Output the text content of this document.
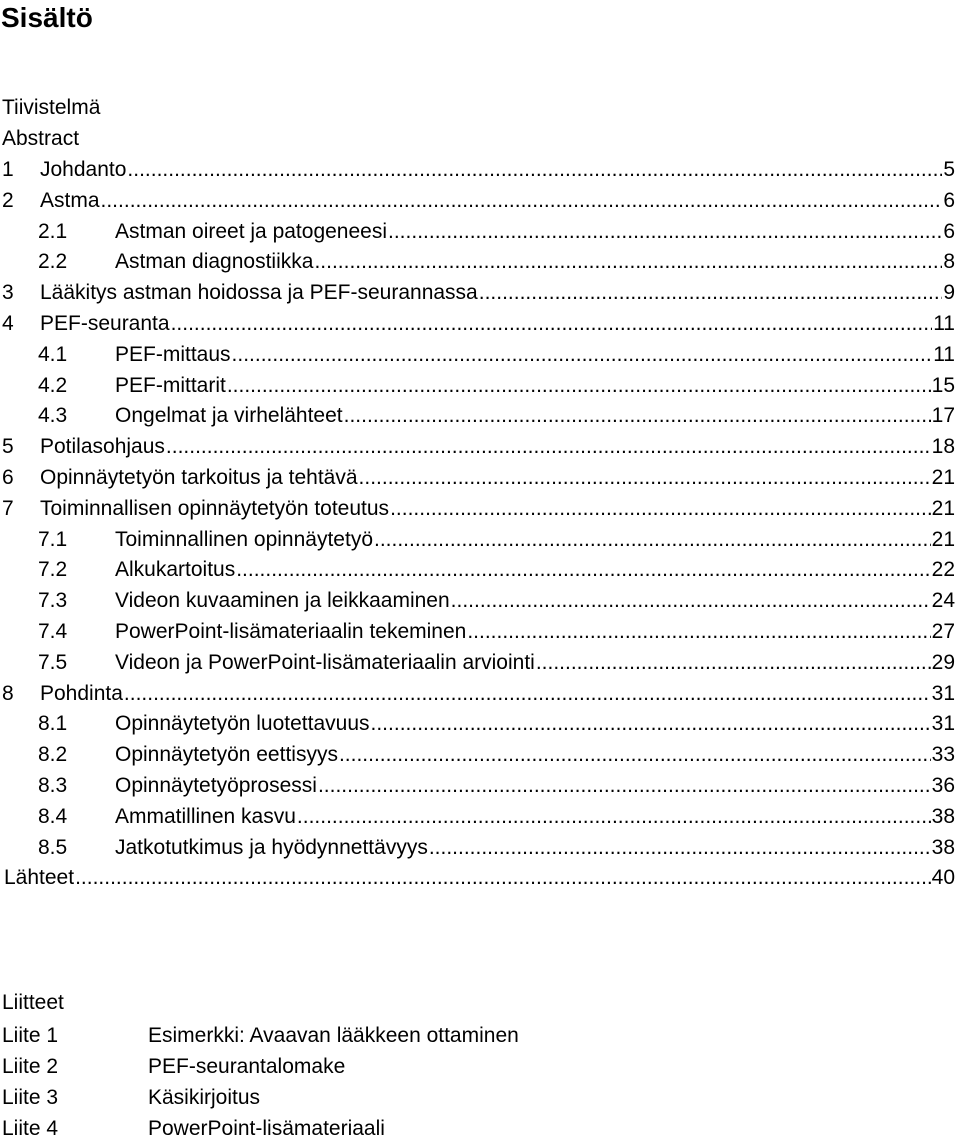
Sisältö
Tiivistelmä
Abstract
1	Johdanto .....	5
2	Astma .....	6
2.1	Astman oireet ja patogeneesi .....	6
2.2	Astman diagnostiikka .....	8
3	Lääkitys astman hoidossa ja PEF-seurannassa .....	9
4	PEF-seuranta .....	11
4.1	PEF-mittaus .....	11
4.2	PEF-mittarit .....	15
4.3	Ongelmat ja virhelähteet .....	17
5	Potilasohjaus .....	18
6	Opinnäytetyön tarkoitus ja tehtävä .....	21
7	Toiminnallisen opinnäytetyön toteutus .....	21
7.1	Toiminnallinen opinnäytetyö .....	21
7.2	Alkukartoitus .....	22
7.3	Videon kuvaaminen ja leikkaaminen .....	24
7.4	PowerPoint-lisämateriaalin tekeminen .....	27
7.5	Videon ja PowerPoint-lisämateriaalin arviointi .....	29
8	Pohdinta .....	31
8.1	Opinnäytetyön luotettavuus .....	31
8.2	Opinnäytetyön eettisyys .....	33
8.3	Opinnäytetyöprosessi .....	36
8.4	Ammatillinen kasvu .....	38
8.5	Jatkotutkimus ja hyödynnettävyys .....	38
Lähteet .....	40
Liitteet
Liite 1	Esimerkki: Avaavan lääkkeen ottaminen
Liite 2	PEF-seurantalomake
Liite 3	Käsikirjoitus
Liite 4	PowerPoint-lisämateriaali
